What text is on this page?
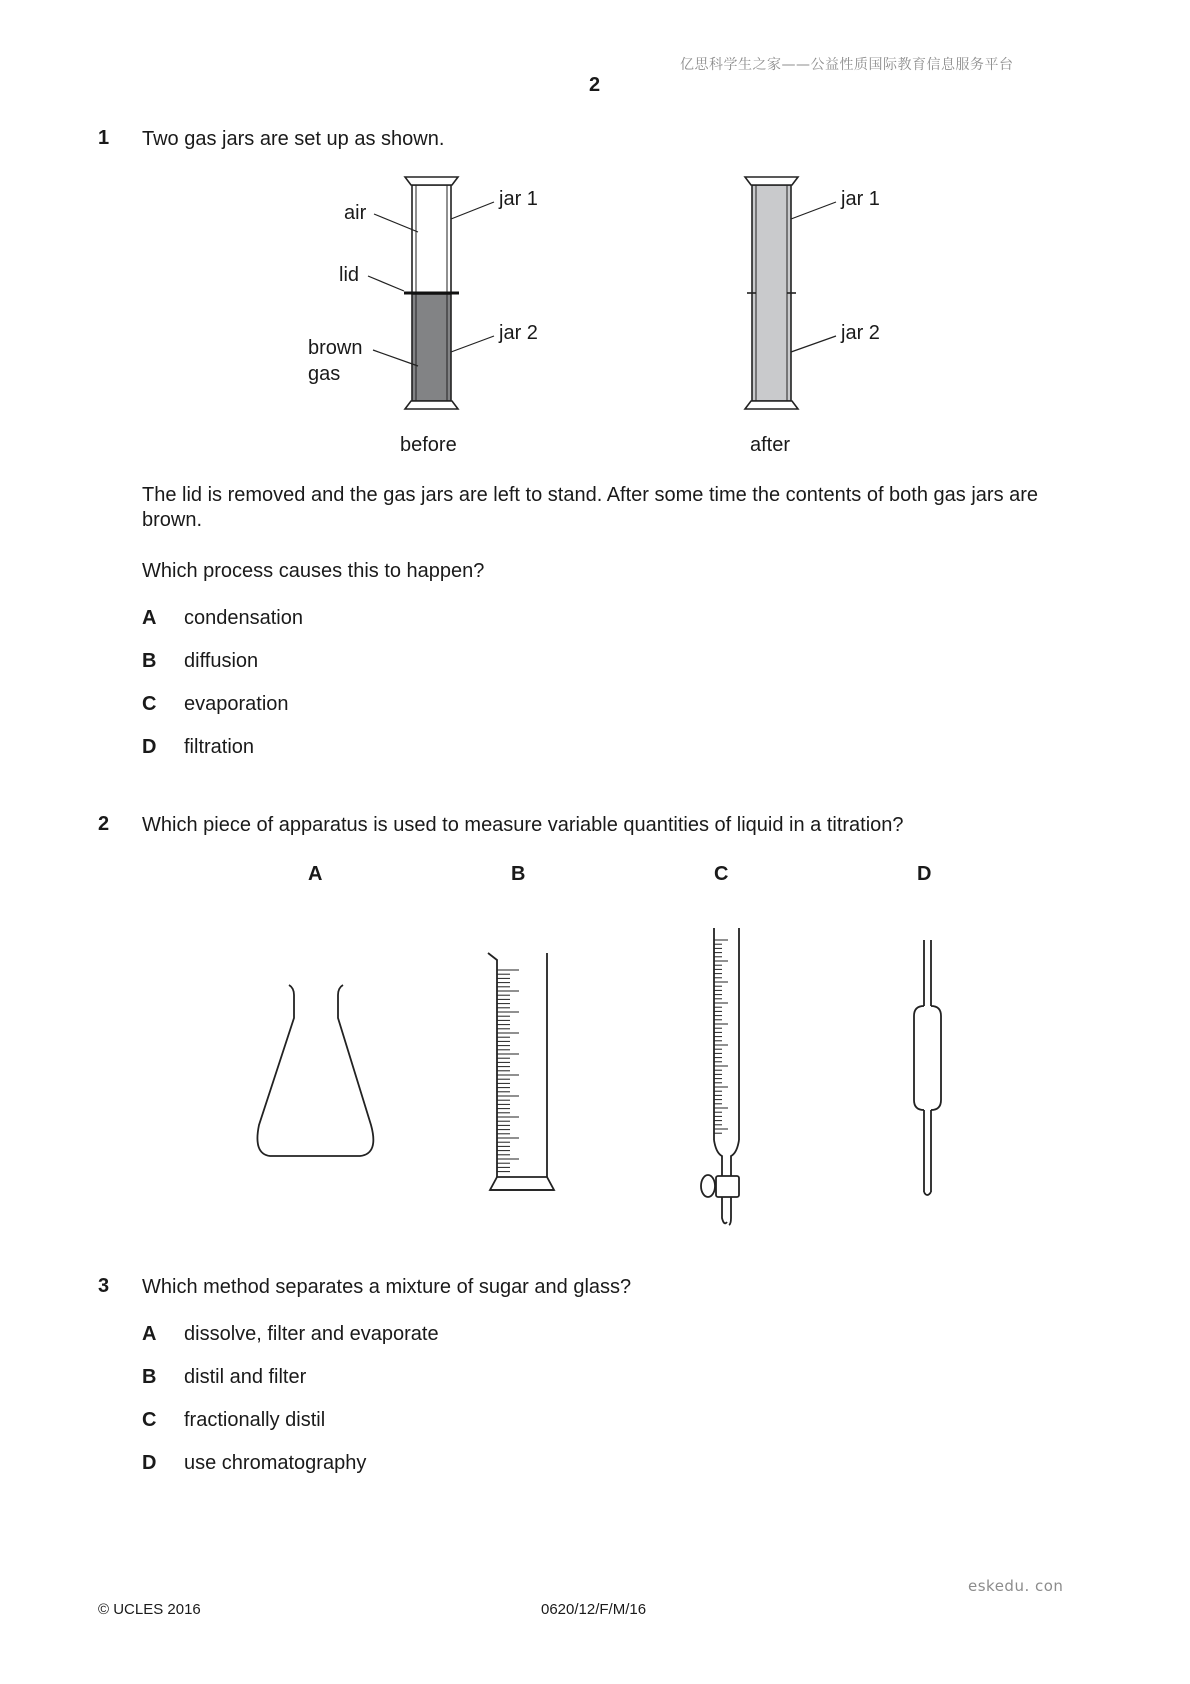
亿思科学生之家——公益性质国际教育信息服务平台
2
1 Two gas jars are set up as shown.
air
lid
brown
gas
jar 1
jar 2
jar 1
jar 2
before	after
The lid is removed and the gas jars are left to stand. After some time the contents of both gas jars are brown.
Which process causes this to happen?
A condensation
B diffusion
C evaporation
D filtration
2 Which piece of apparatus is used to measure variable quantities of liquid in a titration?
A	B	C	D
3 Which method separates a mixture of sugar and glass?
A dissolve, filter and evaporate
B distil and filter
C fractionally distil
D use chromatography
eskedu. con
© UCLES 2016	0620/12/F/M/16
